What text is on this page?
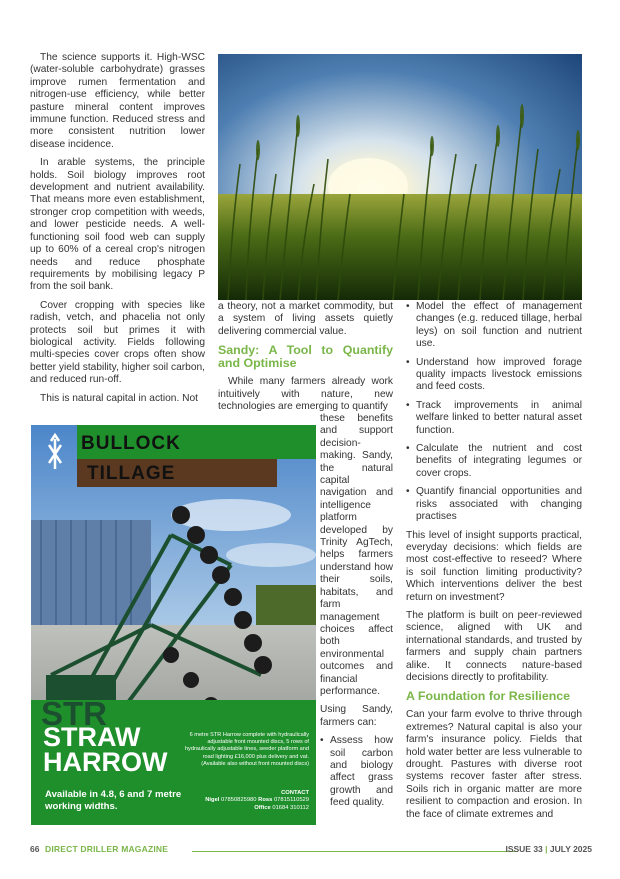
The science supports it. High-WSC (water-soluble carbohydrate) grasses improve rumen fermentation and nitrogen-use efficiency, while better pasture mineral content improves immune function. Reduced stress and more consistent nutrition lower disease incidence.

In arable systems, the principle holds. Soil biology improves root development and nutrient availability. That means more even establishment, stronger crop competition with weeds, and lower pesticide needs. A well-functioning soil food web can supply up to 60% of a cereal crop's nitrogen needs and reduce phosphate requirements by mobilising legacy P from the soil bank.

Cover cropping with species like radish, vetch, and phacelia not only protects soil but primes it with biological activity. Fields following multi-species cover crops often show better yield stability, higher soil carbon, and reduced run-off.

This is natural capital in action. Not

a theory, not a market commodity, but a system of living assets quietly delivering commercial value.

Sandy: A Tool to Quantify and Optimise

While many farmers already work intuitively with nature, new technologies are emerging to quantify

these benefits and support decision-making. Sandy, the natural capital navigation and intelligence platform developed by Trinity AgTech, helps farmers understand how their soils, habitats, and farm management choices affect both environmental outcomes and financial performance.

Using Sandy, farmers can:

• Assess how soil carbon and biology affect grass growth and feed quality.
• Model the effect of management changes (e.g. reduced tillage, herbal leys) on soil function and nutrient use.
• Understand how improved forage quality impacts livestock emissions and feed costs.
• Track improvements in animal welfare linked to better natural asset function.
• Calculate the nutrient and cost benefits of integrating legumes or cover crops.
• Quantify financial opportunities and risks associated with changing practises

This level of insight supports practical, everyday decisions: which fields are most cost-effective to reseed? Where is soil function limiting productivity? Which interventions deliver the best return on investment?

The platform is built on peer-reviewed science, aligned with UK and international standards, and trusted by farmers and supply chain partners alike. It connects nature-based decisions directly to profitability.

A Foundation for Resilience

Can your farm evolve to thrive through extremes? Natural capital is also your farm's insurance policy. Fields that hold water better are less vulnerable to drought. Pastures with diverse root systems recover faster after stress. Soils rich in organic matter are more resilient to compaction and erosion. In the face of climate extremes and

BULLOCK
TILLAGE
STR
STRAW
HARROW
Available in 4.8, 6 and 7 metre working widths.
6 metre STR Harrow complete with hydraulically adjustable front mounted discs, 5 rows of hydraulically adjustable tines, seeder platform and road lighting £16,000 plus delivery and vat. (Available also without front mounted discs)
CONTACT
Nigel 07850825980 Ross 07815110529
Office 01684 310112
66 DIRECT DRILLER MAGAZINE	ISSUE 33 | JULY 2025
